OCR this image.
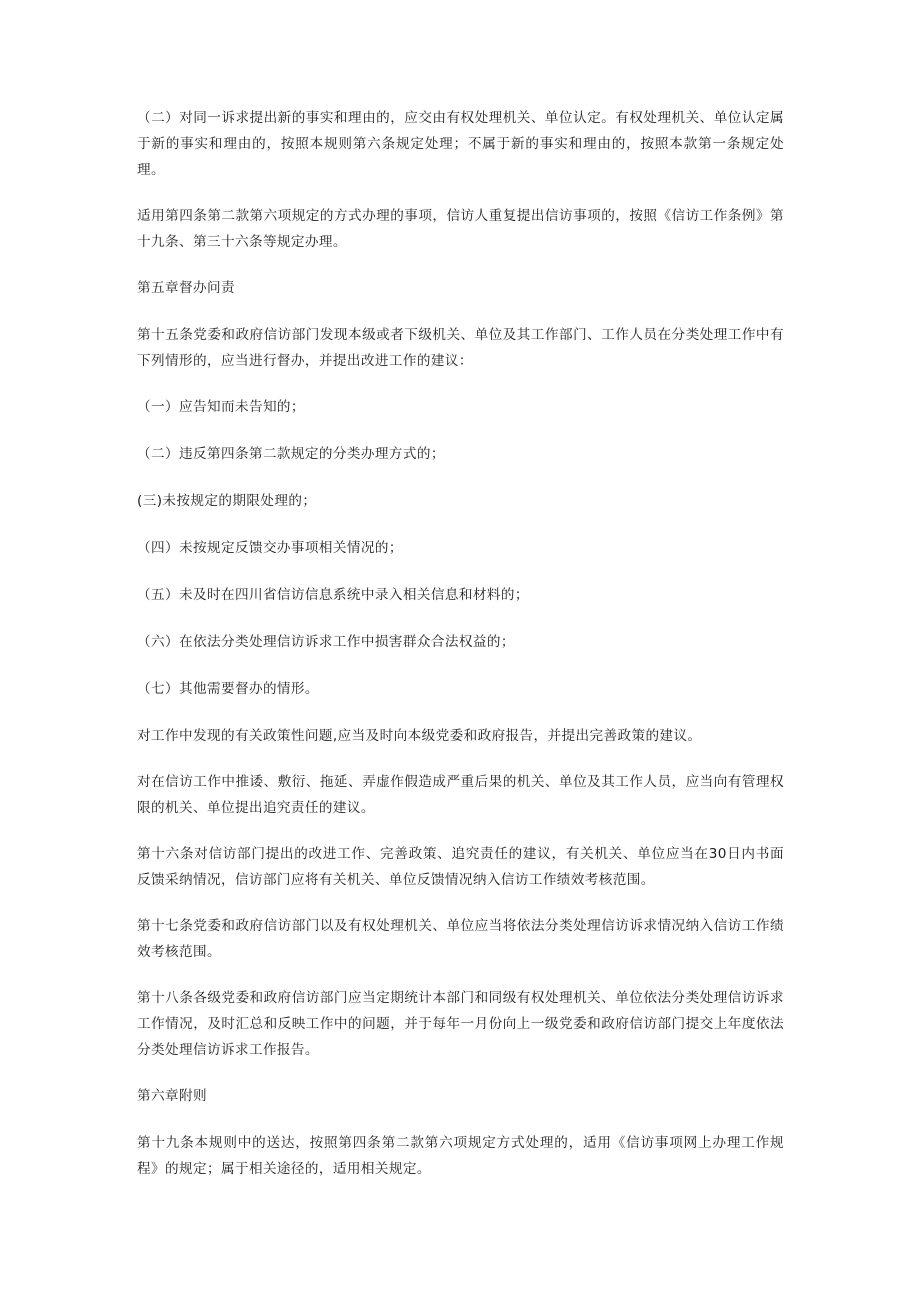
（二）对同一诉求提出新的事实和理由的，应交由有权处理机关、单位认定。有权处理机关、单位认定属于新的事实和理由的，按照本规则第六条规定处理；不属于新的事实和理由的，按照本款第一条规定处理。

适用第四条第二款第六项规定的方式办理的事项，信访人重复提出信访事项的，按照《信访工作条例》第十九条、第三十六条等规定办理。

第五章督办问责

第十五条党委和政府信访部门发现本级或者下级机关、单位及其工作部门、工作人员在分类处理工作中有下列情形的，应当进行督办，并提出改进工作的建议：

（一）应告知而未告知的；

（二）违反第四条第二款规定的分类办理方式的；

(三)未按规定的期限处理的；

（四）未按规定反馈交办事项相关情况的；

（五）未及时在四川省信访信息系统中录入相关信息和材料的；

（六）在依法分类处理信访诉求工作中损害群众合法权益的；

（七）其他需要督办的情形。

对工作中发现的有关政策性问题,应当及时向本级党委和政府报告，并提出完善政策的建议。

对在信访工作中推诿、敷衍、拖延、弄虚作假造成严重后果的机关、单位及其工作人员，应当向有管理权限的机关、单位提出追究责任的建议。

第十六条对信访部门提出的改进工作、完善政策、追究责任的建议，有关机关、单位应当在30日内书面反馈采纳情况，信访部门应将有关机关、单位反馈情况纳入信访工作绩效考核范围。

第十七条党委和政府信访部门以及有权处理机关、单位应当将依法分类处理信访诉求情况纳入信访工作绩效考核范围。

第十八条各级党委和政府信访部门应当定期统计本部门和同级有权处理机关、单位依法分类处理信访诉求工作情况，及时汇总和反映工作中的问题，并于每年一月份向上一级党委和政府信访部门提交上年度依法分类处理信访诉求工作报告。

第六章附则

第十九条本规则中的送达，按照第四条第二款第六项规定方式处理的，适用《信访事项网上办理工作规程》的规定；属于相关途径的，适用相关规定。
